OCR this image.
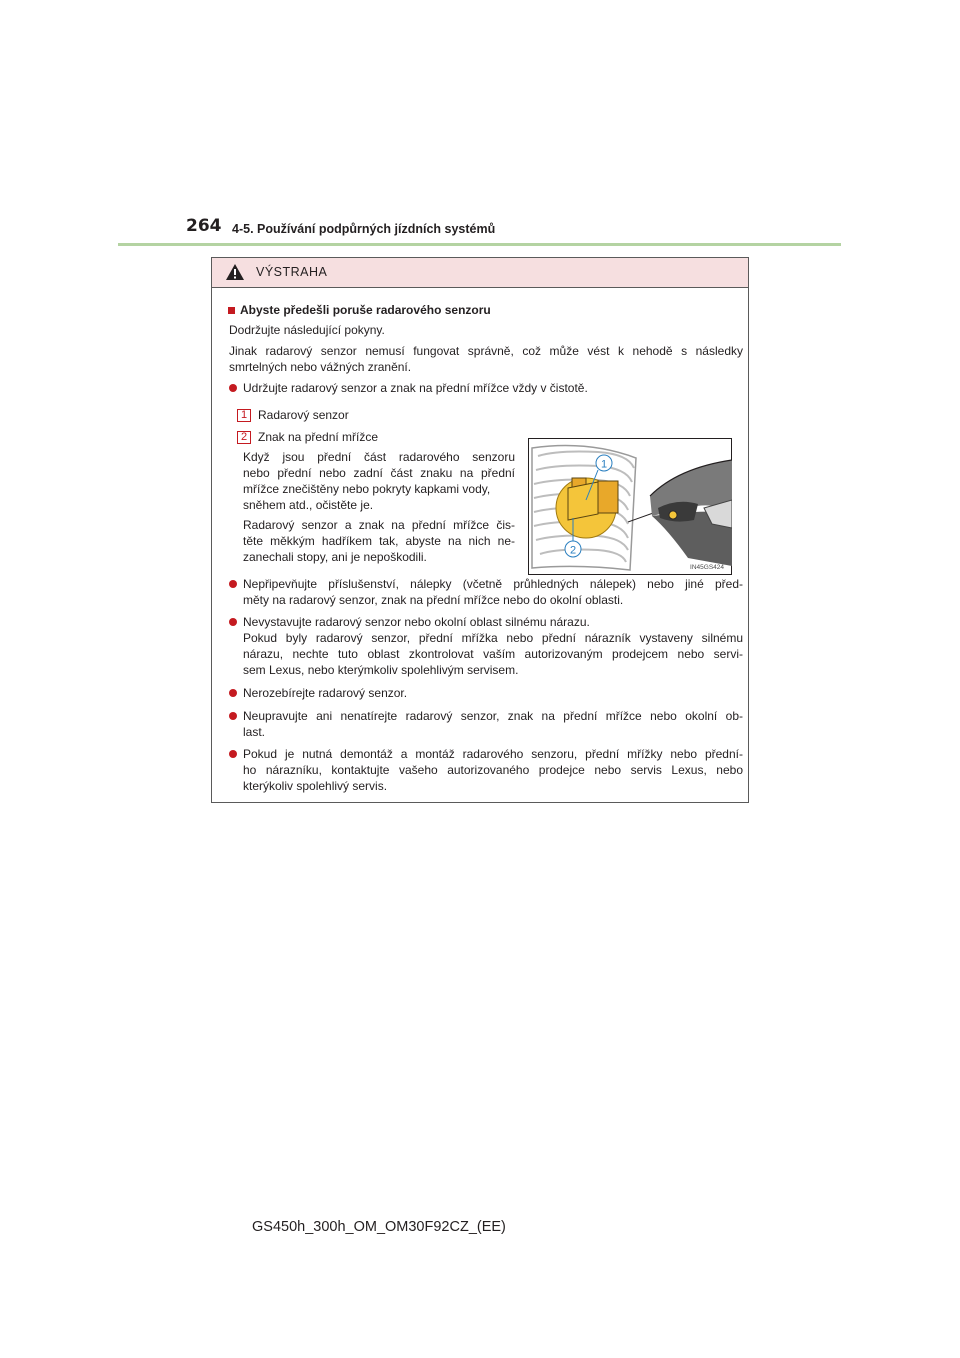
264 4-5. Používání podpůrných jízdních systémů
VÝSTRAHA
Abyste předešli poruše radarového senzoru
Dodržujte následující pokyny.
Jinak radarový senzor nemusí fungovat správně, což může vést k nehodě s následky
smrtelných nebo vážných zranění.
Udržujte radarový senzor a znak na přední mřížce vždy v čistotě.
1 Radarový senzor
2 Znak na přední mřížce
Když jsou přední část radarového senzoru
nebo přední nebo zadní část znaku na přední
mřížce znečištěny nebo pokryty kapkami vody,
sněhem atd., očistěte je.
Radarový senzor a znak na přední mřížce čis-
těte měkkým hadříkem tak, abyste na nich ne-
zanechali stopy, ani je nepoškodili.
1
2
IN45GS424
Nepřipevňujte příslušenství, nálepky (včetně průhledných nálepek) nebo jiné před-
měty na radarový senzor, znak na přední mřížce nebo do okolní oblasti.
Nevystavujte radarový senzor nebo okolní oblast silnému nárazu.
Pokud byly radarový senzor, přední mřížka nebo přední nárazník vystaveny silnému
nárazu, nechte tuto oblast zkontrolovat vaším autorizovaným prodejcem nebo servi-
sem Lexus, nebo kterýmkoliv spolehlivým servisem.
Nerozebírejte radarový senzor.
Neupravujte ani nenatírejte radarový senzor, znak na přední mřížce nebo okolní ob-
last.
Pokud je nutná demontáž a montáž radarového senzoru, přední mřížky nebo přední-
ho nárazníku, kontaktujte vašeho autorizovaného prodejce nebo servis Lexus, nebo
kterýkoliv spolehlivý servis.
GS450h_300h_OM_OM30F92CZ_(EE)
